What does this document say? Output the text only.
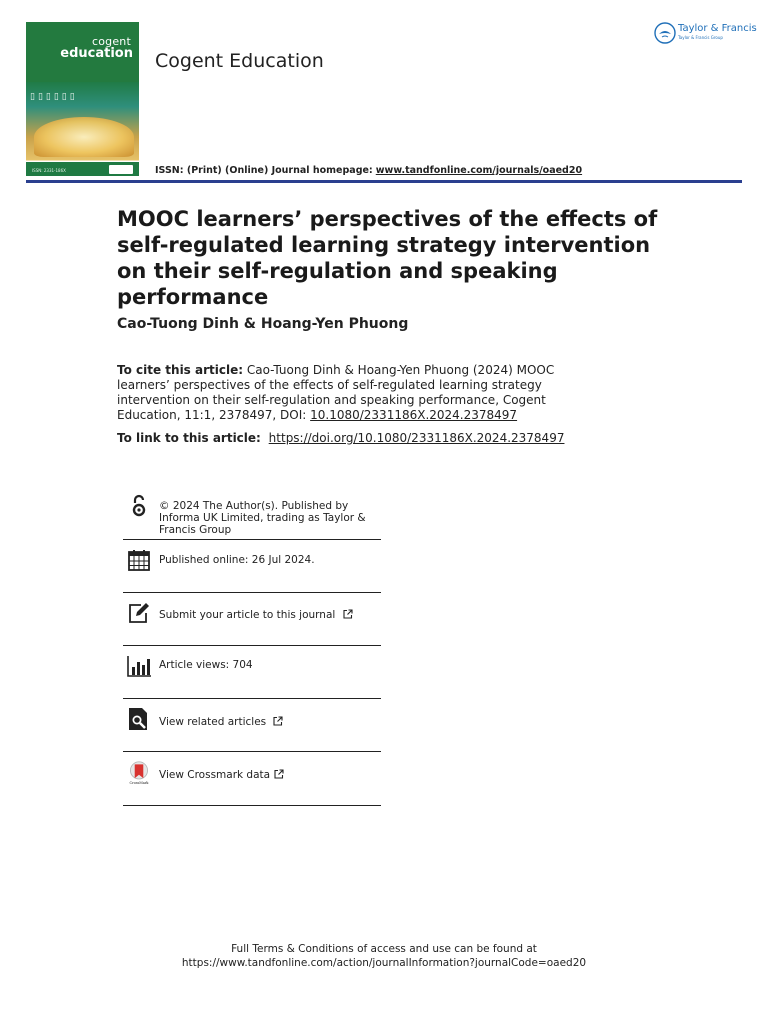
cogent
education
▯▯▯▯▯▯
ISSN: 2331-186X
Cogent Education
ISSN: (Print) (Online) Journal homepage: www.tandfonline.com/journals/oaed20
Taylor & Francis
Taylor & Francis Group
MOOC learners’ perspectives of the effects of self-regulated learning strategy intervention on their self-regulation and speaking performance
Cao-Tuong Dinh & Hoang-Yen Phuong
To cite this article: Cao-Tuong Dinh & Hoang-Yen Phuong (2024) MOOC learners’ perspectives of the effects of self-regulated learning strategy intervention on their self-regulation and speaking performance, Cogent Education, 11:1, 2378497, DOI: 10.1080/2331186X.2024.2378497
To link to this article: https://doi.org/10.1080/2331186X.2024.2378497
© 2024 The Author(s). Published by Informa UK Limited, trading as Taylor & Francis Group
Published online: 26 Jul 2024.
Submit your article to this journal
Article views: 704
View related articles
CrossMark
View Crossmark data
Full Terms & Conditions of access and use can be found at
https://www.tandfonline.com/action/journalInformation?journalCode=oaed20
